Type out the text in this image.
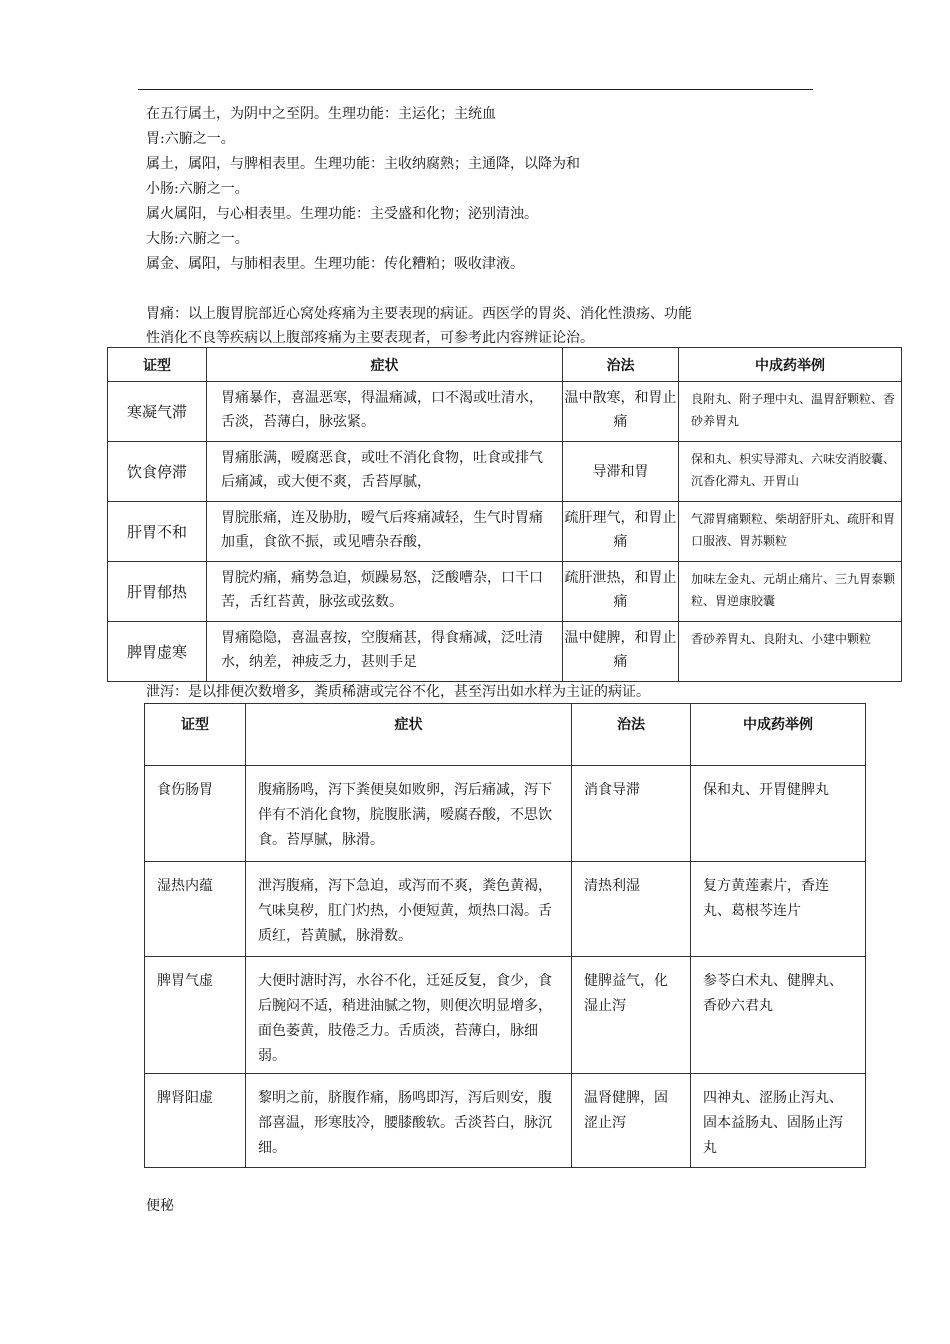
在五行属土，为阴中之至阴。生理功能：主运化；主统血
胃:六腑之一。
属土，属阳，与脾相表里。生理功能：主收纳腐熟；主通降，以降为和
小肠:六腑之一。
属火属阳，与心相表里。生理功能：主受盛和化物；泌别清浊。
大肠:六腑之一。
属金、属阳，与肺相表里。生理功能：传化糟粕；吸收津液。
胃痛：以上腹胃脘部近心窝处疼痛为主要表现的病证。西医学的胃炎、消化性溃疡、功能
性消化不良等疾病以上腹部疼痛为主要表现者，可参考此内容辨证论治。
证型	症状	治法	中成药举例
寒凝气滞	胃痛暴作，喜温恶寒，得温痛减，口不渴或吐清水，舌淡，苔薄白，脉弦紧。	温中散寒，和胃止痛	良附丸、附子理中丸、温胃舒颗粒、香砂养胃丸

饮食停滞	胃痛胀满，嗳腐恶食，或吐不消化食物，吐食或排气后痛减，或大便不爽，舌苔厚腻，	导滞和胃	保和丸、枳实导滞丸、六味安消胶囊、沉香化滞丸、开胃山

肝胃不和	胃脘胀痛，连及胁肋，嗳气后疼痛减轻，生气时胃痛加重，食欲不振，或见嘈杂吞酸，	疏肝理气，和胃止痛	气滞胃痛颗粒、柴胡舒肝丸、疏肝和胃口服液、胃苏颗粒

肝胃郁热	胃脘灼痛，痛势急迫，烦躁易怒，泛酸嘈杂，口干口苦，舌红苔黄，脉弦或弦数。	疏肝泄热，和胃止痛	加味左金丸、元胡止痛片、三九胃泰颗粒、胃逆康胶囊

脾胃虚寒	胃痛隐隐，喜温喜按，空腹痛甚，得食痛减，泛吐清水，纳差，神疲乏力，甚则手足	温中健脾，和胃止痛	香砂养胃丸、良附丸、小建中颗粒
泄泻：是以排便次数增多，粪质稀溏或完谷不化，甚至泻出如水样为主证的病证。
证型	症状	治法	中成药举例
食伤肠胃	腹痛肠鸣，泻下粪便臭如败卵，泻后痛减，泻下伴有不消化食物，脘腹胀满，嗳腐吞酸，不思饮食。苔厚腻，脉滑。	消食导滞	保和丸、开胃健脾丸
湿热内蕴	泄泻腹痛，泻下急迫，或泻而不爽，粪色黄褐，气味臭秽，肛门灼热，小便短黄，烦热口渴。舌质红，苔黄腻，脉滑数。	清热利湿	复方黄莲素片，香连丸、葛根芩连片
脾胃气虚	大便时溏时泻，水谷不化，迁延反复，食少，食后腕闷不适，稍进油腻之物，则便次明显增多，面色萎黄，肢倦乏力。舌质淡，苔薄白，脉细弱。	健脾益气，化湿止泻	参苓白术丸、健脾丸、香砂六君丸
脾肾阳虚	黎明之前，脐腹作痛，肠鸣即泻，泻后则安，腹部喜温，形寒肢冷，腰膝酸软。舌淡苔白，脉沉细。	温肾健脾，固涩止泻	四神丸、涩肠止泻丸、固本益肠丸、固肠止泻丸
便秘
